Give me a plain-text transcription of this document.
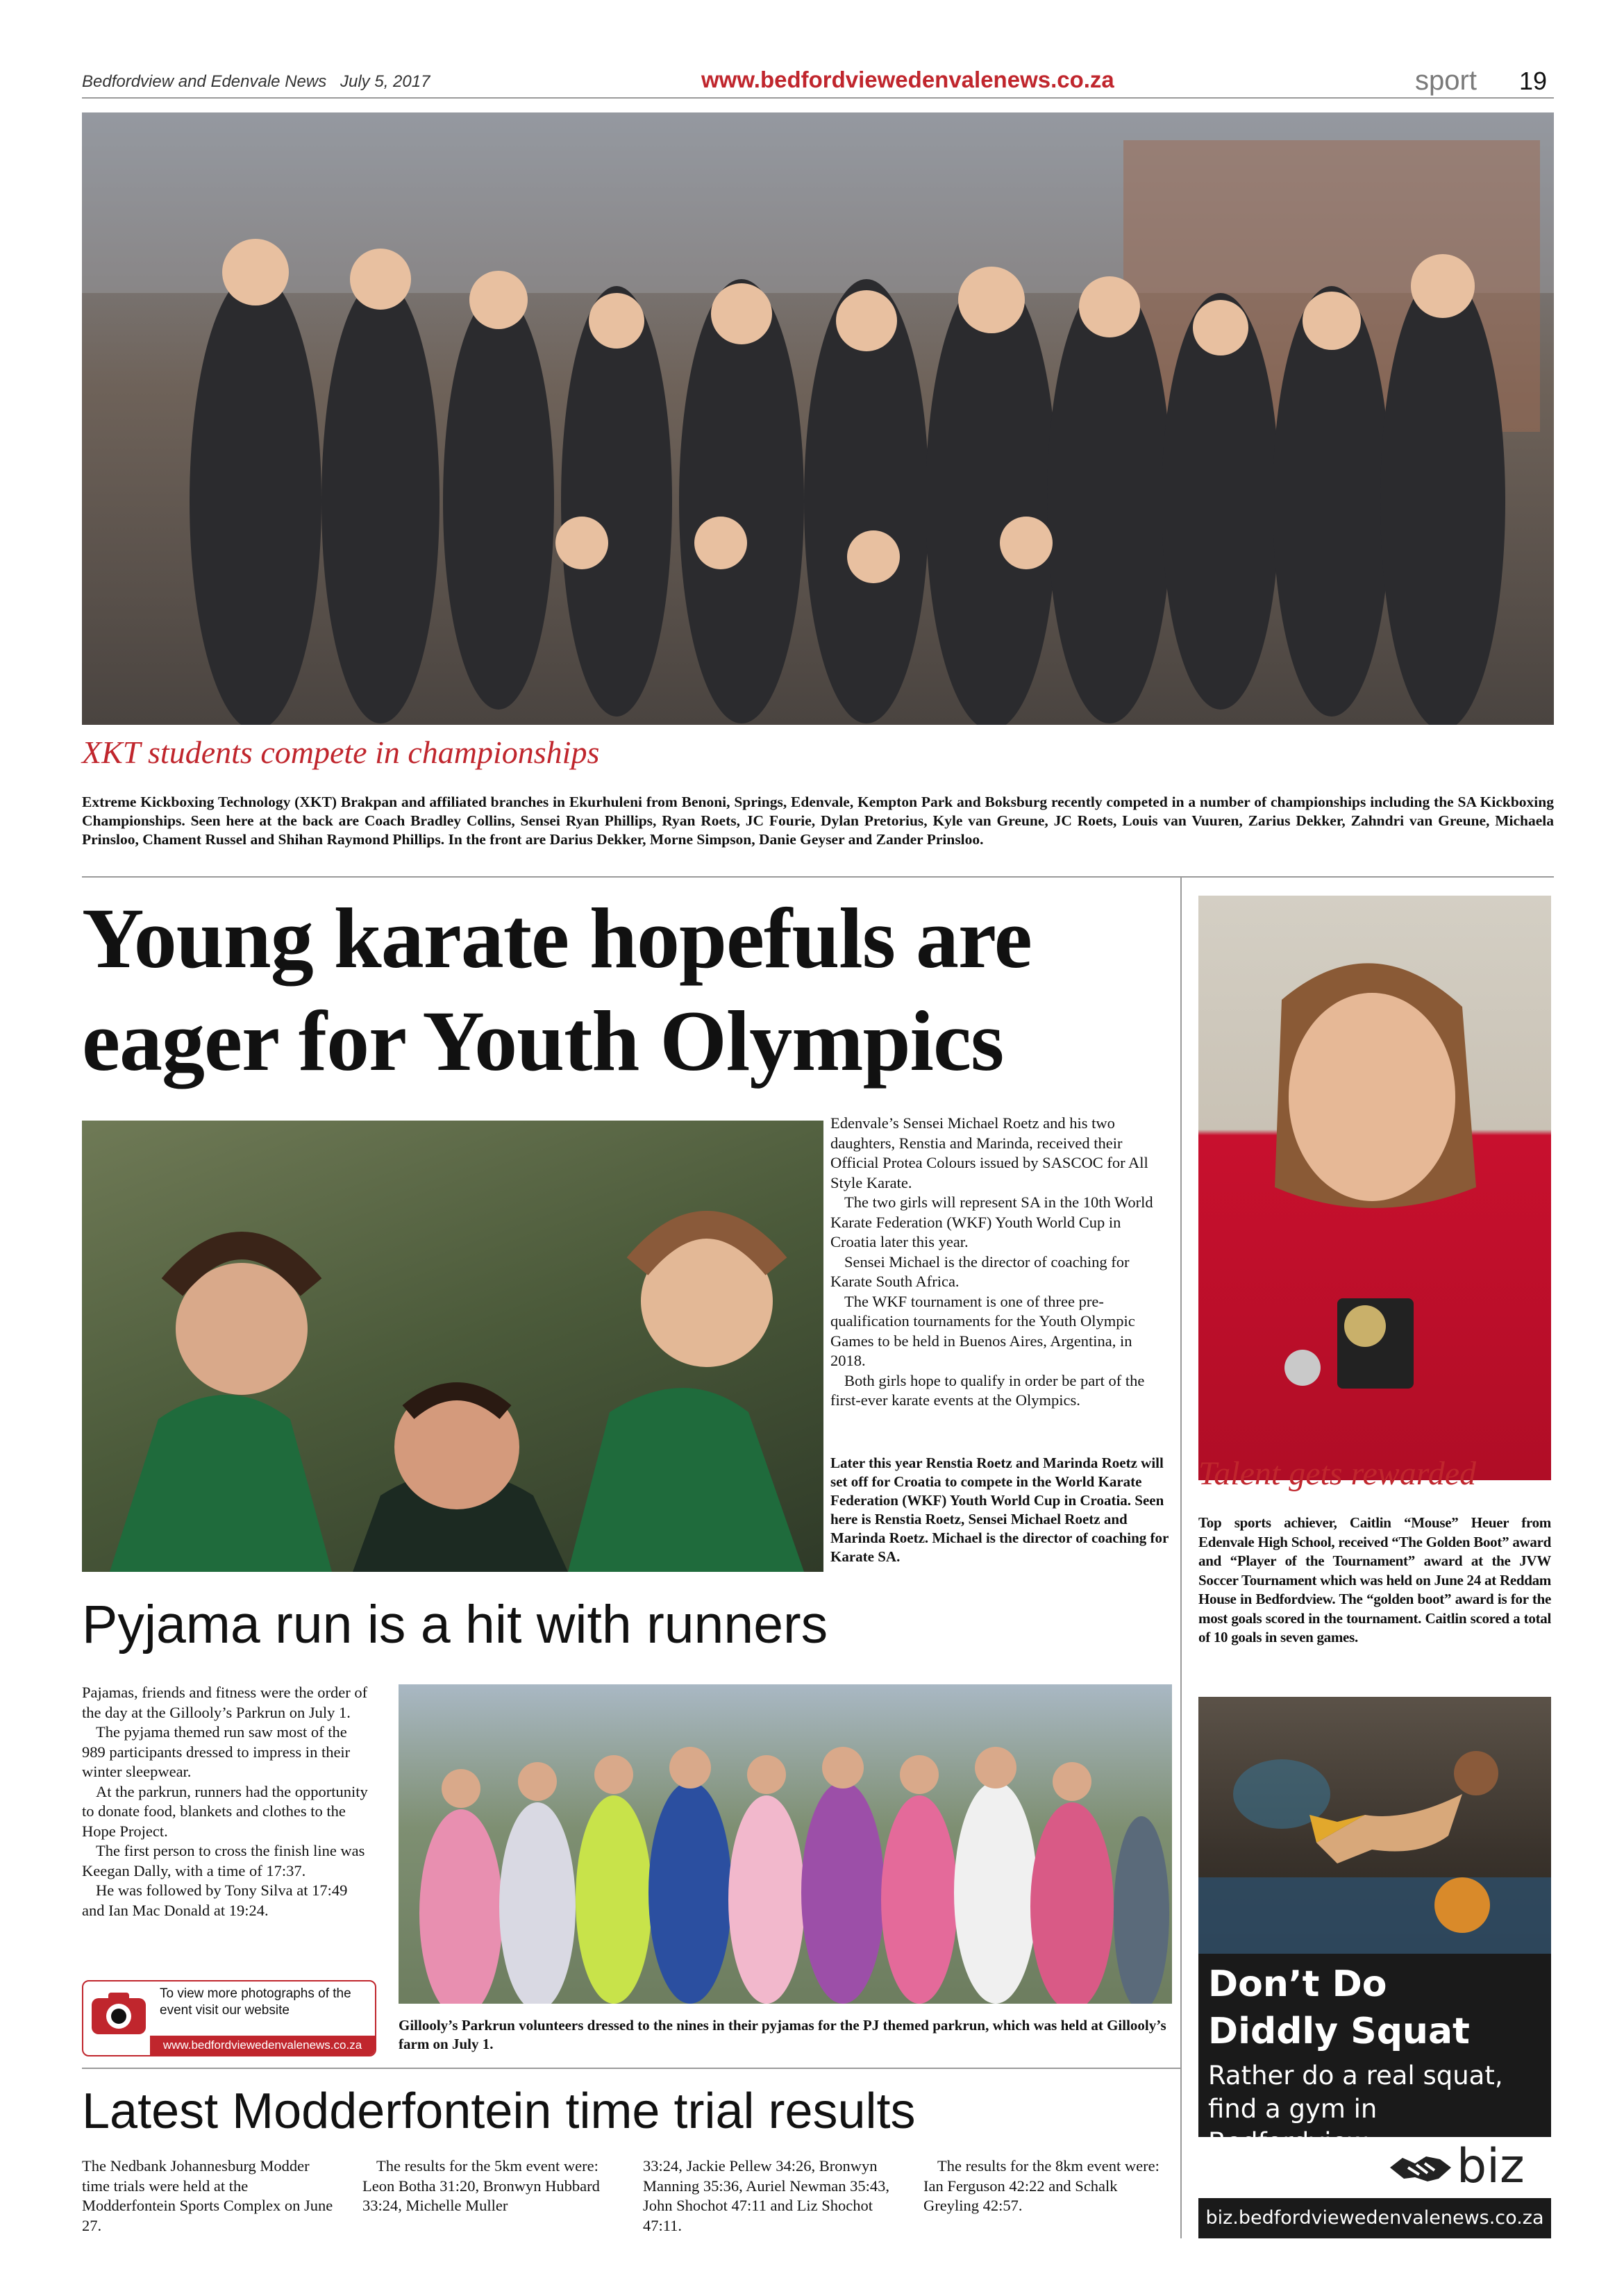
Bedfordview and Edenvale News July 5, 2017	www.bedfordviewedenvalenews.co.za	sport 19
XKT students compete in championships
Extreme Kickboxing Technology (XKT) Brakpan and affiliated branches in Ekurhuleni from Benoni, Springs, Edenvale, Kempton Park and Boksburg recently competed in a number of championships including the SA Kickboxing Championships. Seen here at the back are Coach Bradley Collins, Sensei Ryan Phillips, Ryan Roets, JC Fourie, Dylan Pretorius, Kyle van Greune, JC Roets, Louis van Vuuren, Zarius Dekker, Zahndri van Greune, Michaela Prinsloo, Chament Russel and Shihan Raymond Phillips. In the front are Darius Dekker, Morne Simpson, Danie Geyser and Zander Prinsloo.
Young karate hopefuls are
eager for Youth Olympics

Edenvale’s Sensei Michael Roetz and his two daughters, Renstia and Marinda, received their Official Protea Colours issued by SASCOC for All Style Karate.

The two girls will represent SA in the 10th World Karate Federation (WKF) Youth World Cup in Croatia later this year.

Sensei Michael is the director of coaching for Karate South Africa.

The WKF tournament is one of three pre-qualification tournaments for the Youth Olympic Games to be held in Buenos Aires, Argentina, in 2018.

Both girls hope to qualify in order be part of the first-ever karate events at the Olympics.

Later this year Renstia Roetz and Marinda Roetz will set off for Croatia to compete in the World Karate Federation (WKF) Youth World Cup in Croatia. Seen here is Renstia Roetz, Sensei Michael Roetz and Marinda Roetz. Michael is the director of coaching for Karate SA.
Talent gets rewarded
Top sports achiever, Caitlin “Mouse” Heuer from Edenvale High School, received “The Golden Boot” award and “Player of the Tournament” award at the JVW Soccer Tournament which was held on June 24 at Reddam House in Bedfordview. The “golden boot” award is for the most goals scored in the tournament. Caitlin scored a total of 10 goals in seven games.
Pyjama run is a hit with runners

Pajamas, friends and fitness were the order of the day at the Gillooly’s Parkrun on July 1.

The pyjama themed run saw most of the 989 participants dressed to impress in their winter sleepwear.

At the parkrun, runners had the opportunity to donate food, blankets and clothes to the Hope Project.

The first person to cross the finish line was Keegan Dally, with a time of 17:37.

He was followed by Tony Silva at 17:49 and Ian Mac Donald at 19:24.

To view more photographs of the event visit our website
www.bedfordviewedenvalenews.co.za
Gillooly’s Parkrun volunteers dressed to the nines in their pyjamas for the PJ themed parkrun, which was held at Gillooly’s farm on July 1.
Latest Modderfontein time trial results
The Nedbank Johannesburg Modder time trials were held at the Modderfontein Sports Complex on June 27.
The results for the 5km event were: Leon Botha 31:20, Bronwyn Hubbard 33:24, Michelle Muller
33:24, Jackie Pellew 34:26, Bronwyn Manning 35:36, Auriel Newman 35:43, John Shochot 47:11 and Liz Shochot 47:11.
The results for the 8km event were: Ian Ferguson 42:22 and Schalk Greyling 42:57.
Don’t Do
Diddly Squat
Rather do a real squat,
find a gym in
biz
biz.bedfordviewedenvalenews.co.za
